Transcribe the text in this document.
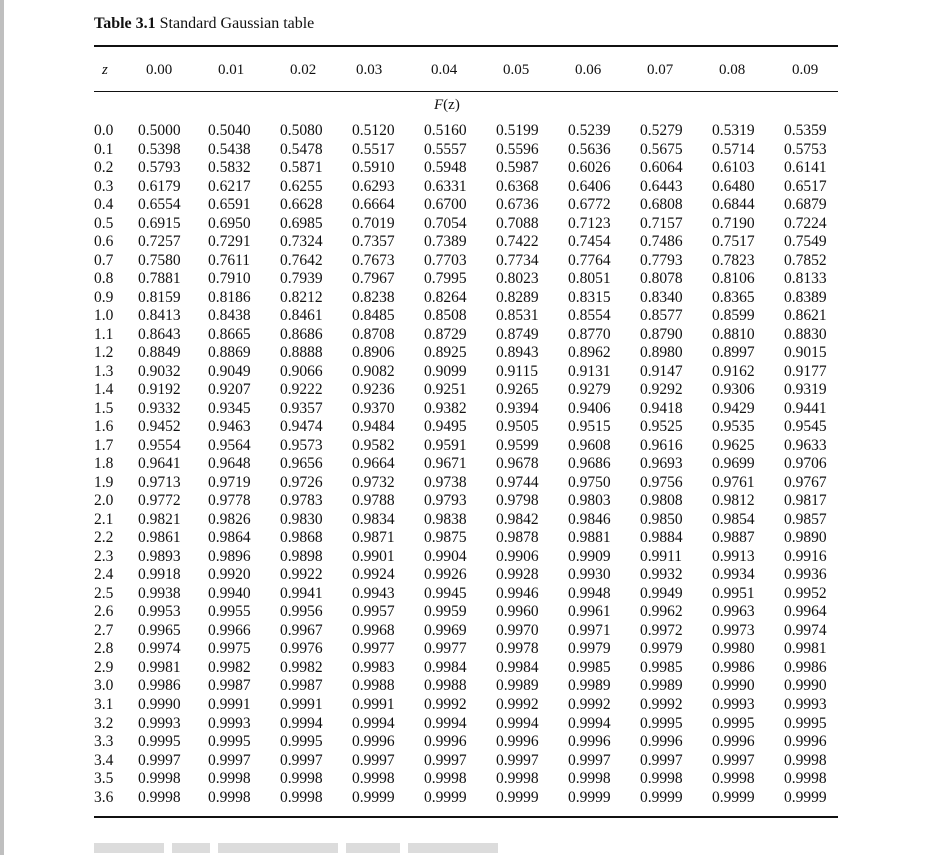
Table 3.1 Standard Gaussian table
z	0.00	0.01	0.02	0.03	0.04	0.05	0.06	0.07	0.08	0.09
F(z)
0.0 0.5000 0.5040 0.5080 0.5120 0.5160 0.5199 0.5239 0.5279 0.5319 0.5359
0.1 0.5398 0.5438 0.5478 0.5517 0.5557 0.5596 0.5636 0.5675 0.5714 0.5753
0.2 0.5793 0.5832 0.5871 0.5910 0.5948 0.5987 0.6026 0.6064 0.6103 0.6141
0.3 0.6179 0.6217 0.6255 0.6293 0.6331 0.6368 0.6406 0.6443 0.6480 0.6517
0.4 0.6554 0.6591 0.6628 0.6664 0.6700 0.6736 0.6772 0.6808 0.6844 0.6879
0.5 0.6915 0.6950 0.6985 0.7019 0.7054 0.7088 0.7123 0.7157 0.7190 0.7224
0.6 0.7257 0.7291 0.7324 0.7357 0.7389 0.7422 0.7454 0.7486 0.7517 0.7549
0.7 0.7580 0.7611 0.7642 0.7673 0.7703 0.7734 0.7764 0.7793 0.7823 0.7852
0.8 0.7881 0.7910 0.7939 0.7967 0.7995 0.8023 0.8051 0.8078 0.8106 0.8133
0.9 0.8159 0.8186 0.8212 0.8238 0.8264 0.8289 0.8315 0.8340 0.8365 0.8389
1.0 0.8413 0.8438 0.8461 0.8485 0.8508 0.8531 0.8554 0.8577 0.8599 0.8621
1.1 0.8643 0.8665 0.8686 0.8708 0.8729 0.8749 0.8770 0.8790 0.8810 0.8830
1.2 0.8849 0.8869 0.8888 0.8906 0.8925 0.8943 0.8962 0.8980 0.8997 0.9015
1.3 0.9032 0.9049 0.9066 0.9082 0.9099 0.9115 0.9131 0.9147 0.9162 0.9177
1.4 0.9192 0.9207 0.9222 0.9236 0.9251 0.9265 0.9279 0.9292 0.9306 0.9319
1.5 0.9332 0.9345 0.9357 0.9370 0.9382 0.9394 0.9406 0.9418 0.9429 0.9441
1.6 0.9452 0.9463 0.9474 0.9484 0.9495 0.9505 0.9515 0.9525 0.9535 0.9545
1.7 0.9554 0.9564 0.9573 0.9582 0.9591 0.9599 0.9608 0.9616 0.9625 0.9633
1.8 0.9641 0.9648 0.9656 0.9664 0.9671 0.9678 0.9686 0.9693 0.9699 0.9706
1.9 0.9713 0.9719 0.9726 0.9732 0.9738 0.9744 0.9750 0.9756 0.9761 0.9767
2.0 0.9772 0.9778 0.9783 0.9788 0.9793 0.9798 0.9803 0.9808 0.9812 0.9817
2.1 0.9821 0.9826 0.9830 0.9834 0.9838 0.9842 0.9846 0.9850 0.9854 0.9857
2.2 0.9861 0.9864 0.9868 0.9871 0.9875 0.9878 0.9881 0.9884 0.9887 0.9890
2.3 0.9893 0.9896 0.9898 0.9901 0.9904 0.9906 0.9909 0.9911 0.9913 0.9916
2.4 0.9918 0.9920 0.9922 0.9924 0.9926 0.9928 0.9930 0.9932 0.9934 0.9936
2.5 0.9938 0.9940 0.9941 0.9943 0.9945 0.9946 0.9948 0.9949 0.9951 0.9952
2.6 0.9953 0.9955 0.9956 0.9957 0.9959 0.9960 0.9961 0.9962 0.9963 0.9964
2.7 0.9965 0.9966 0.9967 0.9968 0.9969 0.9970 0.9971 0.9972 0.9973 0.9974
2.8 0.9974 0.9975 0.9976 0.9977 0.9977 0.9978 0.9979 0.9979 0.9980 0.9981
2.9 0.9981 0.9982 0.9982 0.9983 0.9984 0.9984 0.9985 0.9985 0.9986 0.9986
3.0 0.9986 0.9987 0.9987 0.9988 0.9988 0.9989 0.9989 0.9989 0.9990 0.9990
3.1 0.9990 0.9991 0.9991 0.9991 0.9992 0.9992 0.9992 0.9992 0.9993 0.9993
3.2 0.9993 0.9993 0.9994 0.9994 0.9994 0.9994 0.9994 0.9995 0.9995 0.9995
3.3 0.9995 0.9995 0.9995 0.9996 0.9996 0.9996 0.9996 0.9996 0.9996 0.9996
3.4 0.9997 0.9997 0.9997 0.9997 0.9997 0.9997 0.9997 0.9997 0.9997 0.9998
3.5 0.9998 0.9998 0.9998 0.9998 0.9998 0.9998 0.9998 0.9998 0.9998 0.9998
3.6 0.9998 0.9998 0.9998 0.9999 0.9999 0.9999 0.9999 0.9999 0.9999 0.9999
